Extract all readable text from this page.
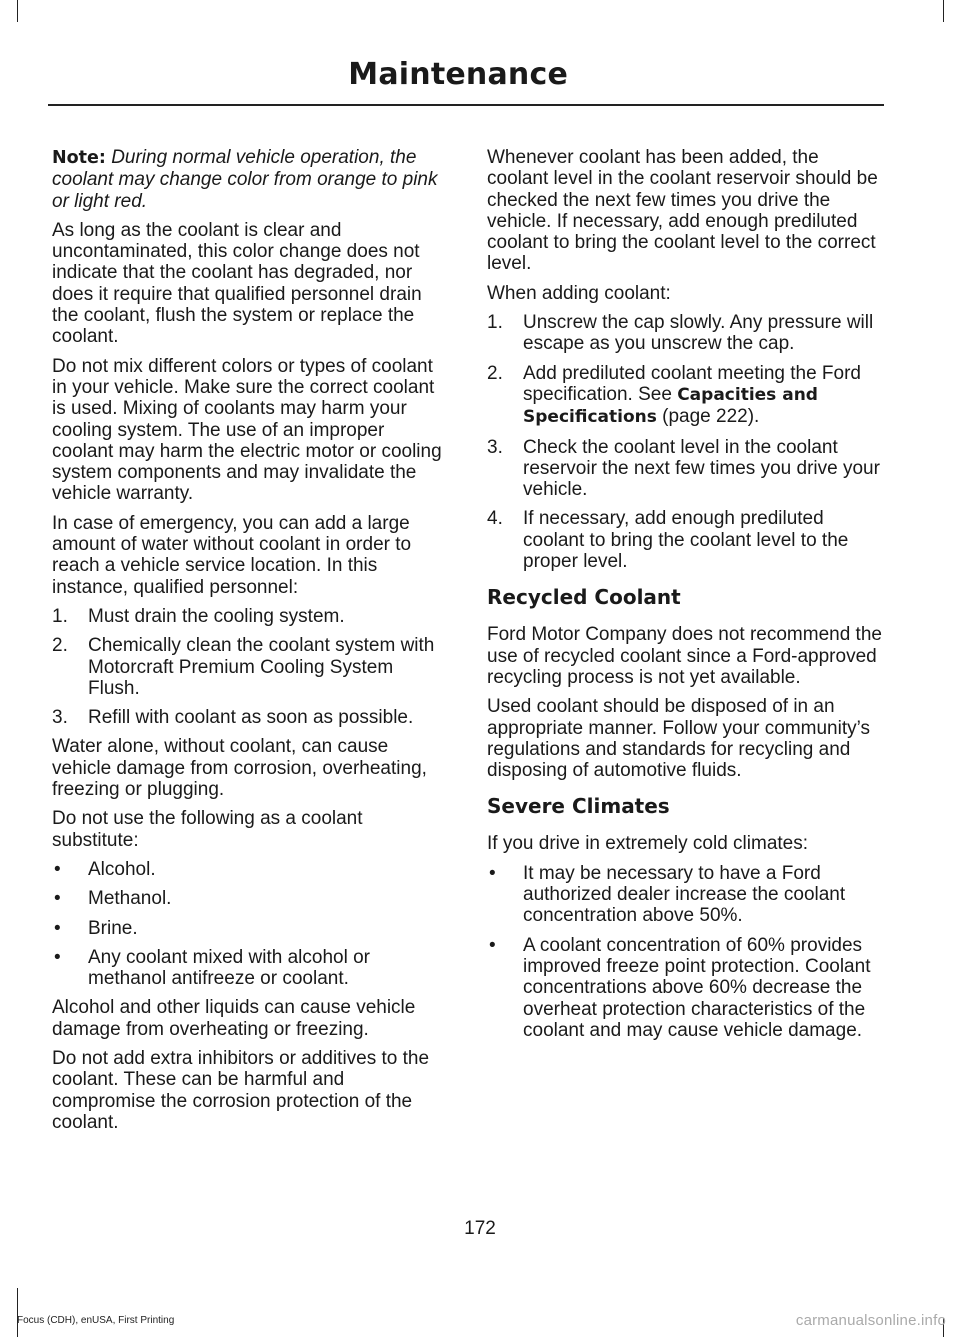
Maintenance

Note: During normal vehicle operation, the coolant may change color from orange to pink or light red.

As long as the coolant is clear and uncontaminated, this color change does not indicate that the coolant has degraded, nor does it require that qualified personnel drain the coolant, flush the system or replace the coolant.

Do not mix different colors or types of coolant in your vehicle. Make sure the correct coolant is used. Mixing of coolants may harm your cooling system. The use of an improper coolant may harm the electric motor or cooling system components and may invalidate the vehicle warranty.

In case of emergency, you can add a large amount of water without coolant in order to reach a vehicle service location. In this instance, qualified personnel:

1. Must drain the cooling system.
2. Chemically clean the coolant system with Motorcraft Premium Cooling System Flush.
3. Refill with coolant as soon as possible.

Water alone, without coolant, can cause vehicle damage from corrosion, overheating, freezing or plugging.

Do not use the following as a coolant substitute:

• Alcohol.
• Methanol.
• Brine.
• Any coolant mixed with alcohol or methanol antifreeze or coolant.

Alcohol and other liquids can cause vehicle damage from overheating or freezing.

Do not add extra inhibitors or additives to the coolant. These can be harmful and compromise the corrosion protection of the coolant.

Whenever coolant has been added, the coolant level in the coolant reservoir should be checked the next few times you drive the vehicle. If necessary, add enough prediluted coolant to bring the coolant level to the correct level.

When adding coolant:

1. Unscrew the cap slowly. Any pressure will escape as you unscrew the cap.
2. Add prediluted coolant meeting the Ford specification. See Capacities and Specifications (page 222).
3. Check the coolant level in the coolant reservoir the next few times you drive your vehicle.
4. If necessary, add enough prediluted coolant to bring the coolant level to the proper level.
Recycled Coolant

Ford Motor Company does not recommend the use of recycled coolant since a Ford-approved recycling process is not yet available.

Used coolant should be disposed of in an appropriate manner. Follow your community’s regulations and standards for recycling and disposing of automotive fluids.

Severe Climates

If you drive in extremely cold climates:

• It may be necessary to have a Ford authorized dealer increase the coolant concentration above 50%.
• A coolant concentration of 60% provides improved freeze point protection. Coolant concentrations above 60% decrease the overheat protection characteristics of the coolant and may cause vehicle damage.
172
Focus (CDH), enUSA, First Printing	carmanualsonline.info
